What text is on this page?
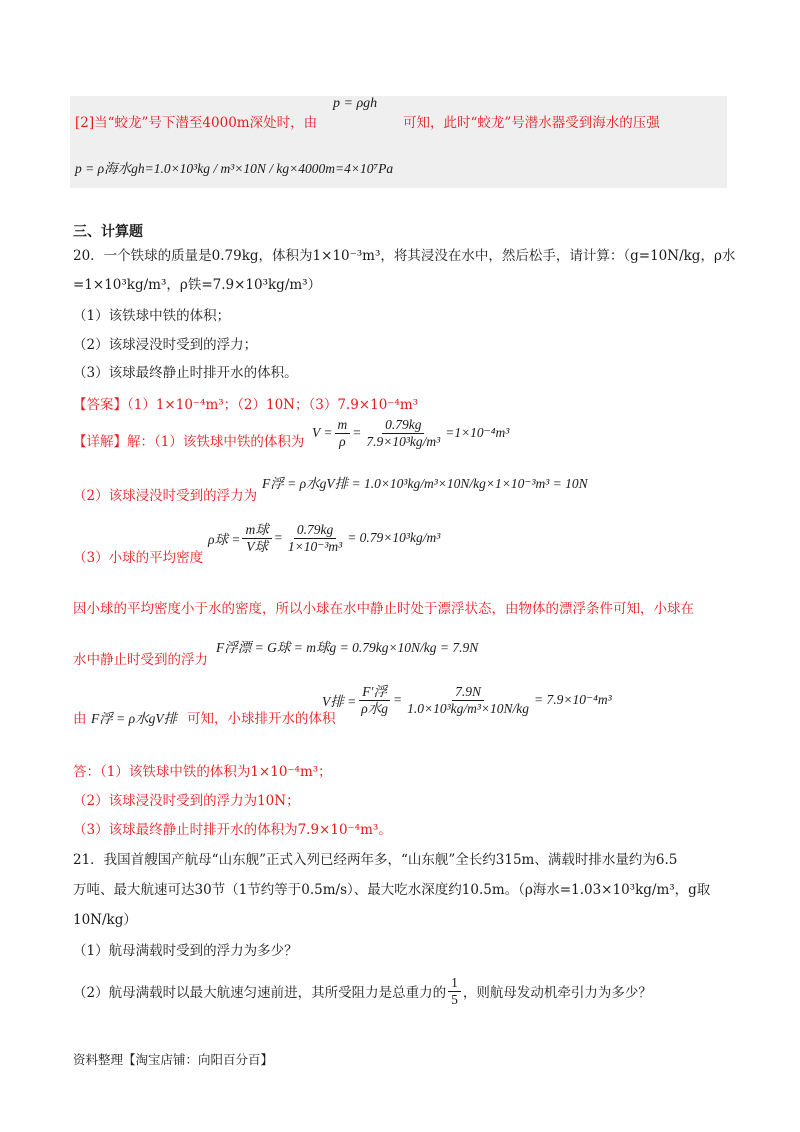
p = ρgh
[2]当“蛟龙”号下潜至4000m深处时，由	可知，此时“蛟龙”号潜水器受到海水的压强
p = ρ海水gh=1.0×10³kg / m³×10N / kg×4000m=4×10⁷Pa
三、计算题
20．一个铁球的质量是0.79kg，体积为1×10⁻³m³，将其浸没在水中，然后松手，请计算：（g=10N/kg，ρ水
=1×10³kg/m³，ρ铁=7.9×10³kg/m³）
（1）该铁球中铁的体积；
（2）该球浸没时受到的浮力；
（3）该球最终静止时排开水的体积。
【答案】（1）1×10⁻⁴m³；（2）10N；（3）7.9×10⁻⁴m³
【详解】解：（1）该铁球中铁的体积为
$V = \frac{m}{\rho} = \frac{0.79kg}{\text{7.9×10³kg/m³}} =1\times 10^{-4}m^3$
（2）该球浸没时受到的浮力为
F浮 = ρ水gV排 = 1.0×10³kg/m³×10N/kg×1×10⁻³m³ = 10N
（3）小球的平均密度
ρ球 = $\frac{\text{m球}}{\text{V球}} = \frac{0.79kg}{\text{1×10⁻³m³}} = 0.79\times 10^3kg/m^3$
因小球的平均密度小于水的密度，所以小球在水中静止时处于漂浮状态，由物体的漂浮条件可知，小球在
水中静止时受到的浮力
F浮漂 = G球 = m球g = 0.79kg×10N/kg = 7.9N
由 F浮 = ρ水gV排 可知，小球排开水的体积
V排 = $\frac{\text{F′浮}}{\text{ρ水g}} = \frac{7.9N}{\text{1.0×10³kg/m³×10N/kg}} = 7.9\times 10^{-4}m^3$
答：（1）该铁球中铁的体积为1×10⁻⁴m³；
（2）该球浸没时受到的浮力为10N；
（3）该球最终静止时排开水的体积为7.9×10⁻⁴m³。
21．我国首艘国产航母“山东舰”正式入列已经两年多，“山东舰”全长约315m、满载时排水量约为6.5
万吨、最大航速可达30节（1节约等于0.5m/s）、最大吃水深度约10.5m。（ρ海水=1.03×10³kg/m³，g取
10N/kg）
（1）航母满载时受到的浮力为多少？
（2）航母满载时以最大航速匀速前进，其所受阻力是总重力的 $\frac{1}{5}$ ，则航母发动机牵引力为多少？
资料整理【淘宝店铺：向阳百分百】
